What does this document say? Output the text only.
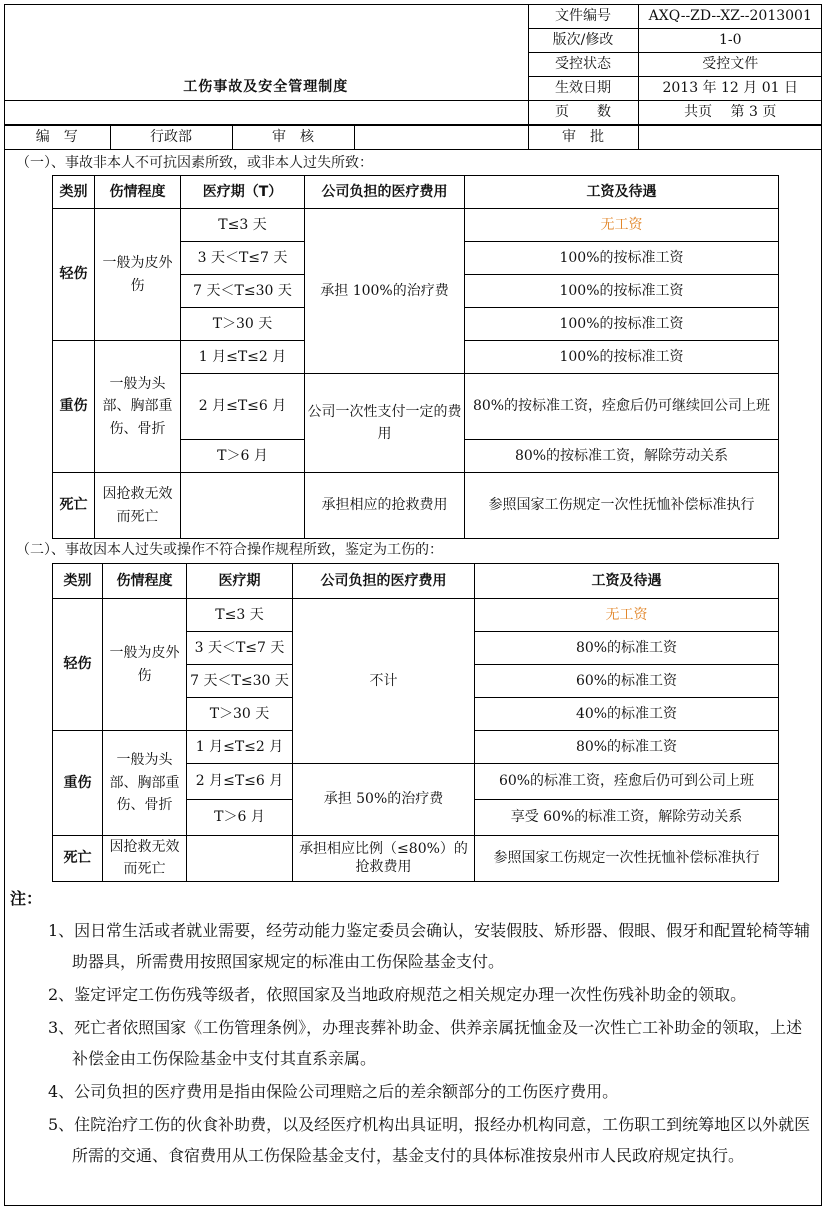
工伤事故及安全管理制度	文件编号	AXQ--ZD--XZ--2013001
	版次/修改	1-0
	受控状态	受控文件
	生效日期	2013 年 12 月 01 日
	页　　数	共页　 第 3 页
编　写	行政部	审　核		审　批	
（一）、事故非本人不可抗因素所致，或非本人过失所致：
类别	伤情程度	医疗期（T）	公司负担的医疗费用	工资及待遇
轻伤	一般为皮外伤	T≤3 天	承担 100%的治疗费	无工资
		3 天＜T≤7 天		100%的按标准工资
		7 天＜T≤30 天		100%的按标准工资
		T＞30 天		100%的按标准工资
重伤	一般为头部、胸部重伤、骨折	1 月≤T≤2 月		100%的按标准工资
		2 月≤T≤6 月	公司一次性支付一定的费用	80%的按标准工资，痊愈后仍可继续回公司上班
		T＞6 月		80%的按标准工资，解除劳动关系
死亡	因抢救无效而死亡		承担相应的抢救费用	参照国家工伤规定一次性抚恤补偿标准执行
（二）、事故因本人过失或操作不符合操作规程所致，鉴定为工伤的：
类别	伤情程度	医疗期	公司负担的医疗费用	工资及待遇
轻伤	一般为皮外伤	T≤3 天	不计	无工资
		3 天＜T≤7 天		80%的标准工资
		7 天＜T≤30 天		60%的标准工资
		T＞30 天		40%的标准工资
重伤	一般为头部、胸部重伤、骨折	1 月≤T≤2 月		80%的标准工资
		2 月≤T≤6 月	承担 50%的治疗费	60%的标准工资，痊愈后仍可到公司上班
		T＞6 月		享受 60%的标准工资，解除劳动关系
死亡	因抢救无效而死亡		承担相应比例（≤80%）的抢救费用	参照国家工伤规定一次性抚恤补偿标准执行
注：

1、因日常生活或者就业需要，经劳动能力鉴定委员会确认，安装假肢、矫形器、假眼、假牙和配置轮椅等辅助器具，所需费用按照国家规定的标准由工伤保险基金支付。

2、鉴定评定工伤伤残等级者，依照国家及当地政府规范之相关规定办理一次性伤残补助金的领取。

3、死亡者依照国家《工伤管理条例》，办理丧葬补助金、供养亲属抚恤金及一次性亡工补助金的领取，上述补偿金由工伤保险基金中支付其直系亲属。

4、公司负担的医疗费用是指由保险公司理赔之后的差余额部分的工伤医疗费用。

5、住院治疗工伤的伙食补助费，以及经医疗机构出具证明，报经办机构同意，工伤职工到统筹地区以外就医所需的交通、食宿费用从工伤保险基金支付，基金支付的具体标准按泉州市人民政府规定执行。
